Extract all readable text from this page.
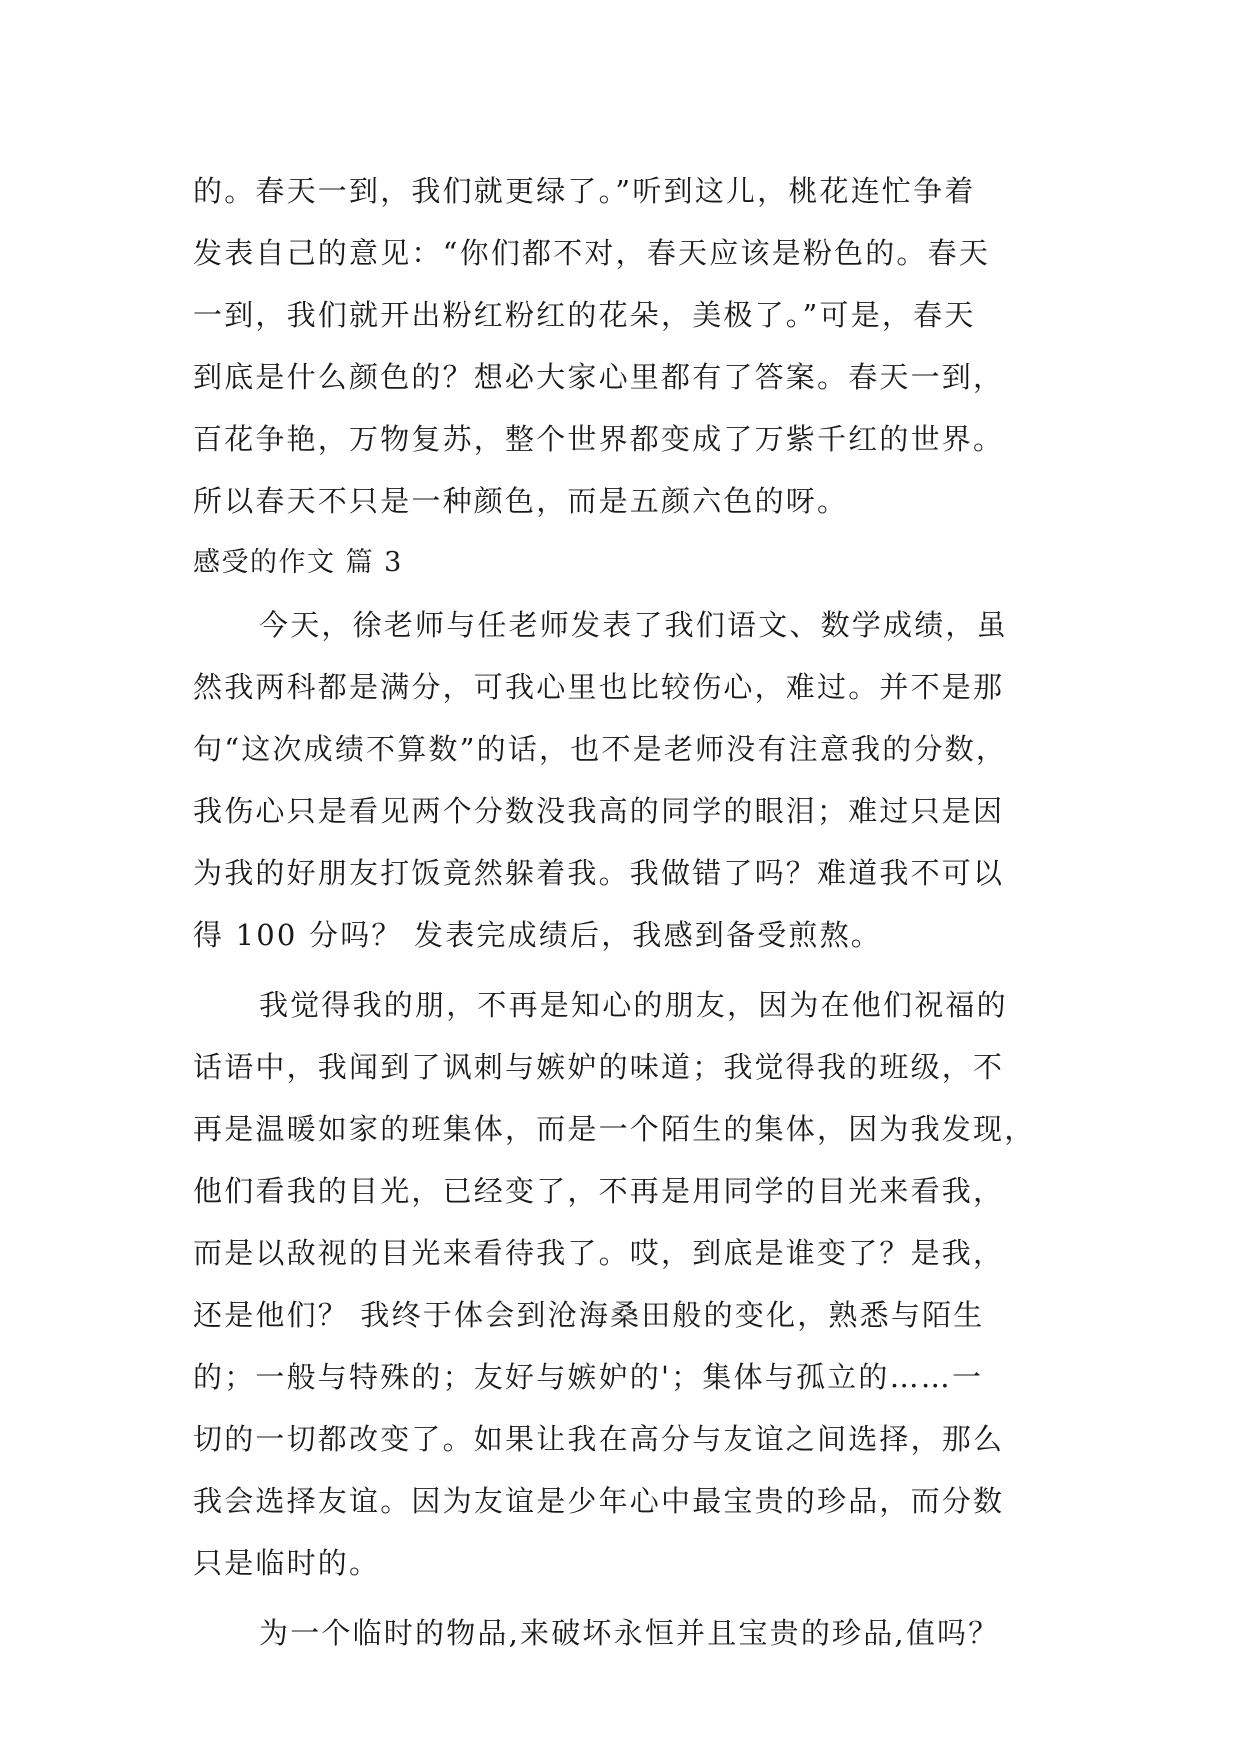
的。春天一到，我们就更绿了。”听到这儿，桃花连忙争着
发表自己的意见：“你们都不对，春天应该是粉色的。春天
一到，我们就开出粉红粉红的花朵，美极了。”可是，春天
到底是什么颜色的？想必大家心里都有了答案。春天一到，
百花争艳，万物复苏，整个世界都变成了万紫千红的世界。
所以春天不只是一种颜色，而是五颜六色的呀。
感受的作文 篇 3
今天，徐老师与任老师发表了我们语文、数学成绩，虽
然我两科都是满分，可我心里也比较伤心，难过。并不是那
句“这次成绩不算数”的话，也不是老师没有注意我的分数，
我伤心只是看见两个分数没我高的同学的眼泪；难过只是因
为我的好朋友打饭竟然躲着我。我做错了吗？难道我不可以
得 100 分吗？ 发表完成绩后，我感到备受煎熬。
我觉得我的朋，不再是知心的朋友，因为在他们祝福的
话语中，我闻到了讽刺与嫉妒的味道；我觉得我的班级，不
再是温暖如家的班集体，而是一个陌生的集体，因为我发现，
他们看我的目光，已经变了，不再是用同学的目光来看我，
而是以敌视的目光来看待我了。哎，到底是谁变了？是我，
还是他们？ 我终于体会到沧海桑田般的变化，熟悉与陌生
的；一般与特殊的；友好与嫉妒的'；集体与孤立的……一
切的一切都改变了。如果让我在高分与友谊之间选择，那么
我会选择友谊。因为友谊是少年心中最宝贵的珍品，而分数
只是临时的。
为一个临时的物品,来破坏永恒并且宝贵的珍品,值吗？
